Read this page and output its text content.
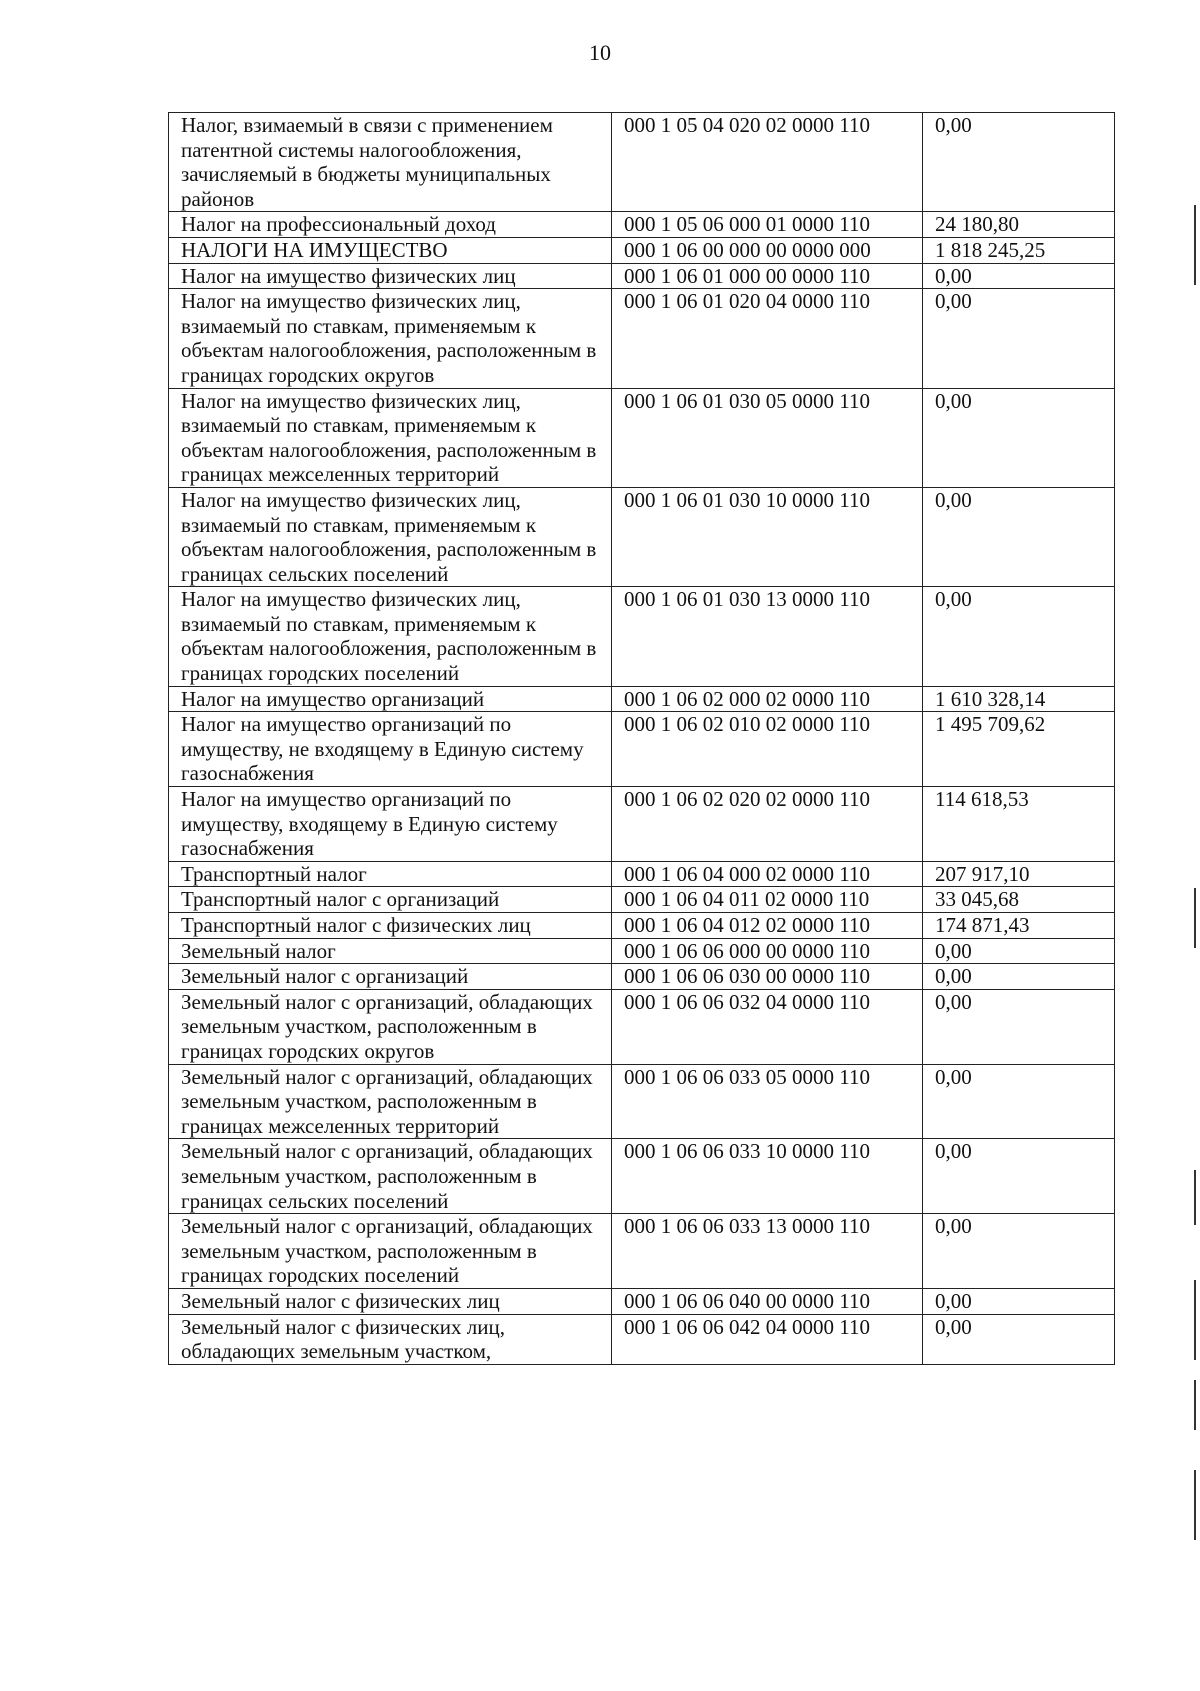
10
Налог, взимаемый в связи с применением патентной системы налогообложения, зачисляемый в бюджеты муниципальных районов	000 1 05 04 020 02 0000 110	0,00
Налог на профессиональный доход	000 1 05 06 000 01 0000 110	24 180,80
НАЛОГИ НА ИМУЩЕСТВО	000 1 06 00 000 00 0000 000	1 818 245,25
Налог на имущество физических лиц	000 1 06 01 000 00 0000 110	0,00
Налог на имущество физических лиц, взимаемый по ставкам, применяемым к объектам налогообложения, расположенным в границах городских округов	000 1 06 01 020 04 0000 110	0,00
Налог на имущество физических лиц, взимаемый по ставкам, применяемым к объектам налогообложения, расположенным в границах межселенных территорий	000 1 06 01 030 05 0000 110	0,00
Налог на имущество физических лиц, взимаемый по ставкам, применяемым к объектам налогообложения, расположенным в границах сельских поселений	000 1 06 01 030 10 0000 110	0,00
Налог на имущество физических лиц, взимаемый по ставкам, применяемым к объектам налогообложения, расположенным в границах городских поселений	000 1 06 01 030 13 0000 110	0,00
Налог на имущество организаций	000 1 06 02 000 02 0000 110	1 610 328,14
Налог на имущество организаций по имуществу, не входящему в Единую систему газоснабжения	000 1 06 02 010 02 0000 110	1 495 709,62
Налог на имущество организаций по имуществу, входящему в Единую систему газоснабжения	000 1 06 02 020 02 0000 110	114 618,53
Транспортный налог	000 1 06 04 000 02 0000 110	207 917,10
Транспортный налог с организаций	000 1 06 04 011 02 0000 110	33 045,68
Транспортный налог с физических лиц	000 1 06 04 012 02 0000 110	174 871,43
Земельный налог	000 1 06 06 000 00 0000 110	0,00
Земельный налог с организаций	000 1 06 06 030 00 0000 110	0,00
Земельный налог с организаций, обладающих земельным участком, расположенным в границах городских округов	000 1 06 06 032 04 0000 110	0,00
Земельный налог с организаций, обладающих земельным участком, расположенным в границах межселенных территорий	000 1 06 06 033 05 0000 110	0,00
Земельный налог с организаций, обладающих земельным участком, расположенным в границах сельских поселений	000 1 06 06 033 10 0000 110	0,00
Земельный налог с организаций, обладающих земельным участком, расположенным в границах городских поселений	000 1 06 06 033 13 0000 110	0,00
Земельный налог с физических лиц	000 1 06 06 040 00 0000 110	0,00
Земельный налог с физических лиц, обладающих земельным участком,	000 1 06 06 042 04 0000 110	0,00
